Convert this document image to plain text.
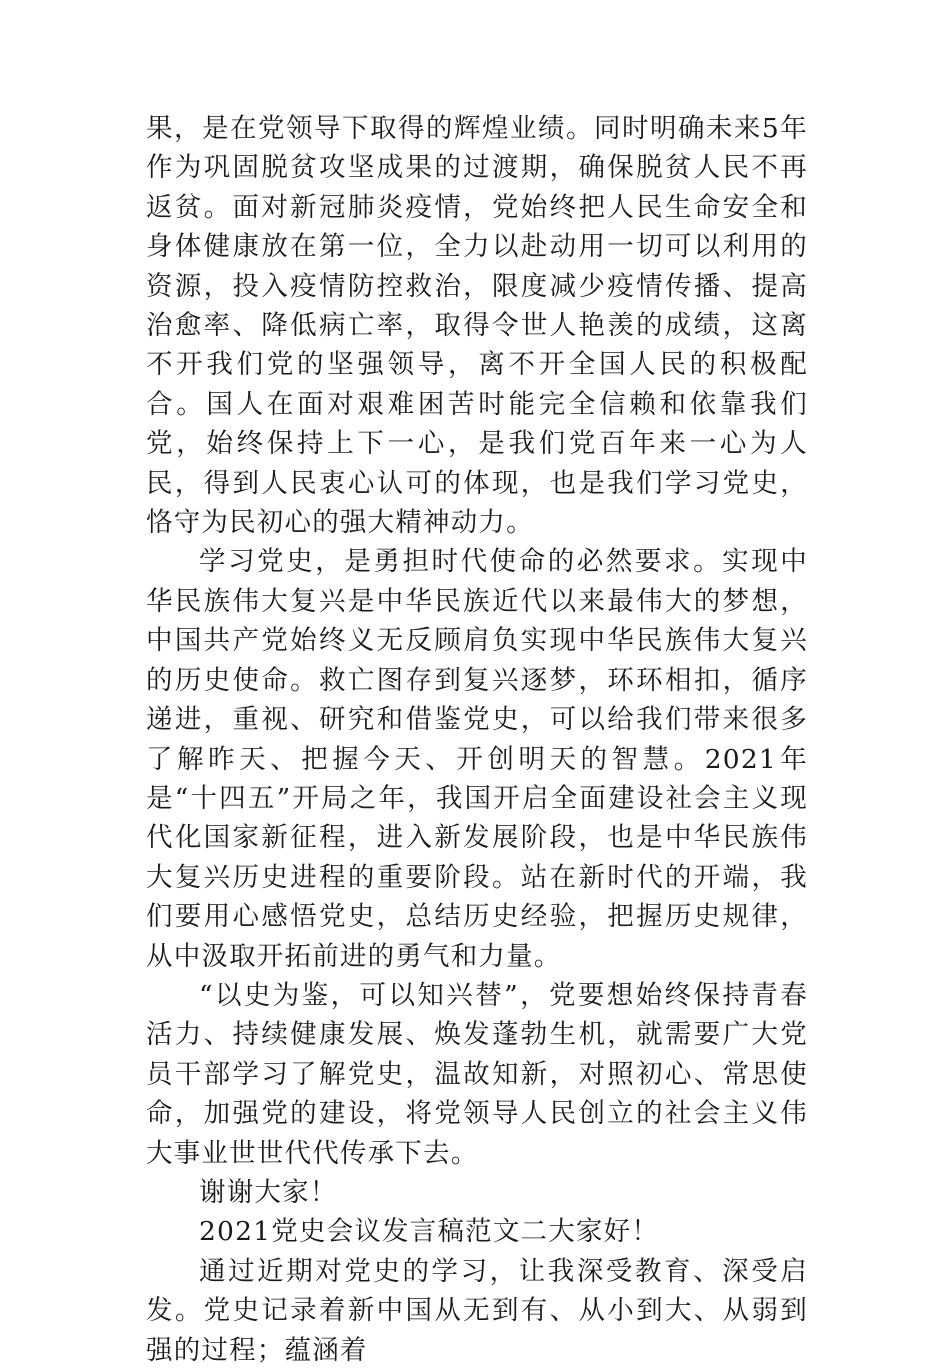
果，是在党领导下取得的辉煌业绩。同时明确未来5年作为巩固脱贫攻坚成果的过渡期，确保脱贫人民不再返贫。面对新冠肺炎疫情，党始终把人民生命安全和身体健康放在第一位，全力以赴动用一切可以利用的资源，投入疫情防控救治，限度减少疫情传播、提高治愈率、降低病亡率，取得令世人艳羡的成绩，这离不开我们党的坚强领导，离不开全国人民的积极配合。国人在面对艰难困苦时能完全信赖和依靠我们党，始终保持上下一心，是我们党百年来一心为人民，得到人民衷心认可的体现，也是我们学习党史，恪守为民初心的强大精神动力。

学习党史，是勇担时代使命的必然要求。实现中华民族伟大复兴是中华民族近代以来最伟大的梦想，中国共产党始终义无反顾肩负实现中华民族伟大复兴的历史使命。救亡图存到复兴逐梦，环环相扣，循序递进，重视、研究和借鉴党史，可以给我们带来很多了解昨天、把握今天、开创明天的智慧。2021年是“十四五”开局之年，我国开启全面建设社会主义现代化国家新征程，进入新发展阶段，也是中华民族伟大复兴历史进程的重要阶段。站在新时代的开端，我们要用心感悟党史，总结历史经验，把握历史规律，从中汲取开拓前进的勇气和力量。

“以史为鉴，可以知兴替”，党要想始终保持青春活力、持续健康发展、焕发蓬勃生机，就需要广大党员干部学习了解党史，温故知新，对照初心、常思使命，加强党的建设，将党领导人民创立的社会主义伟大事业世世代代传承下去。

谢谢大家！

2021党史会议发言稿范文二大家好！

通过近期对党史的学习，让我深受教育、深受启发。党史记录着新中国从无到有、从小到大、从弱到强的过程；蕴涵着
